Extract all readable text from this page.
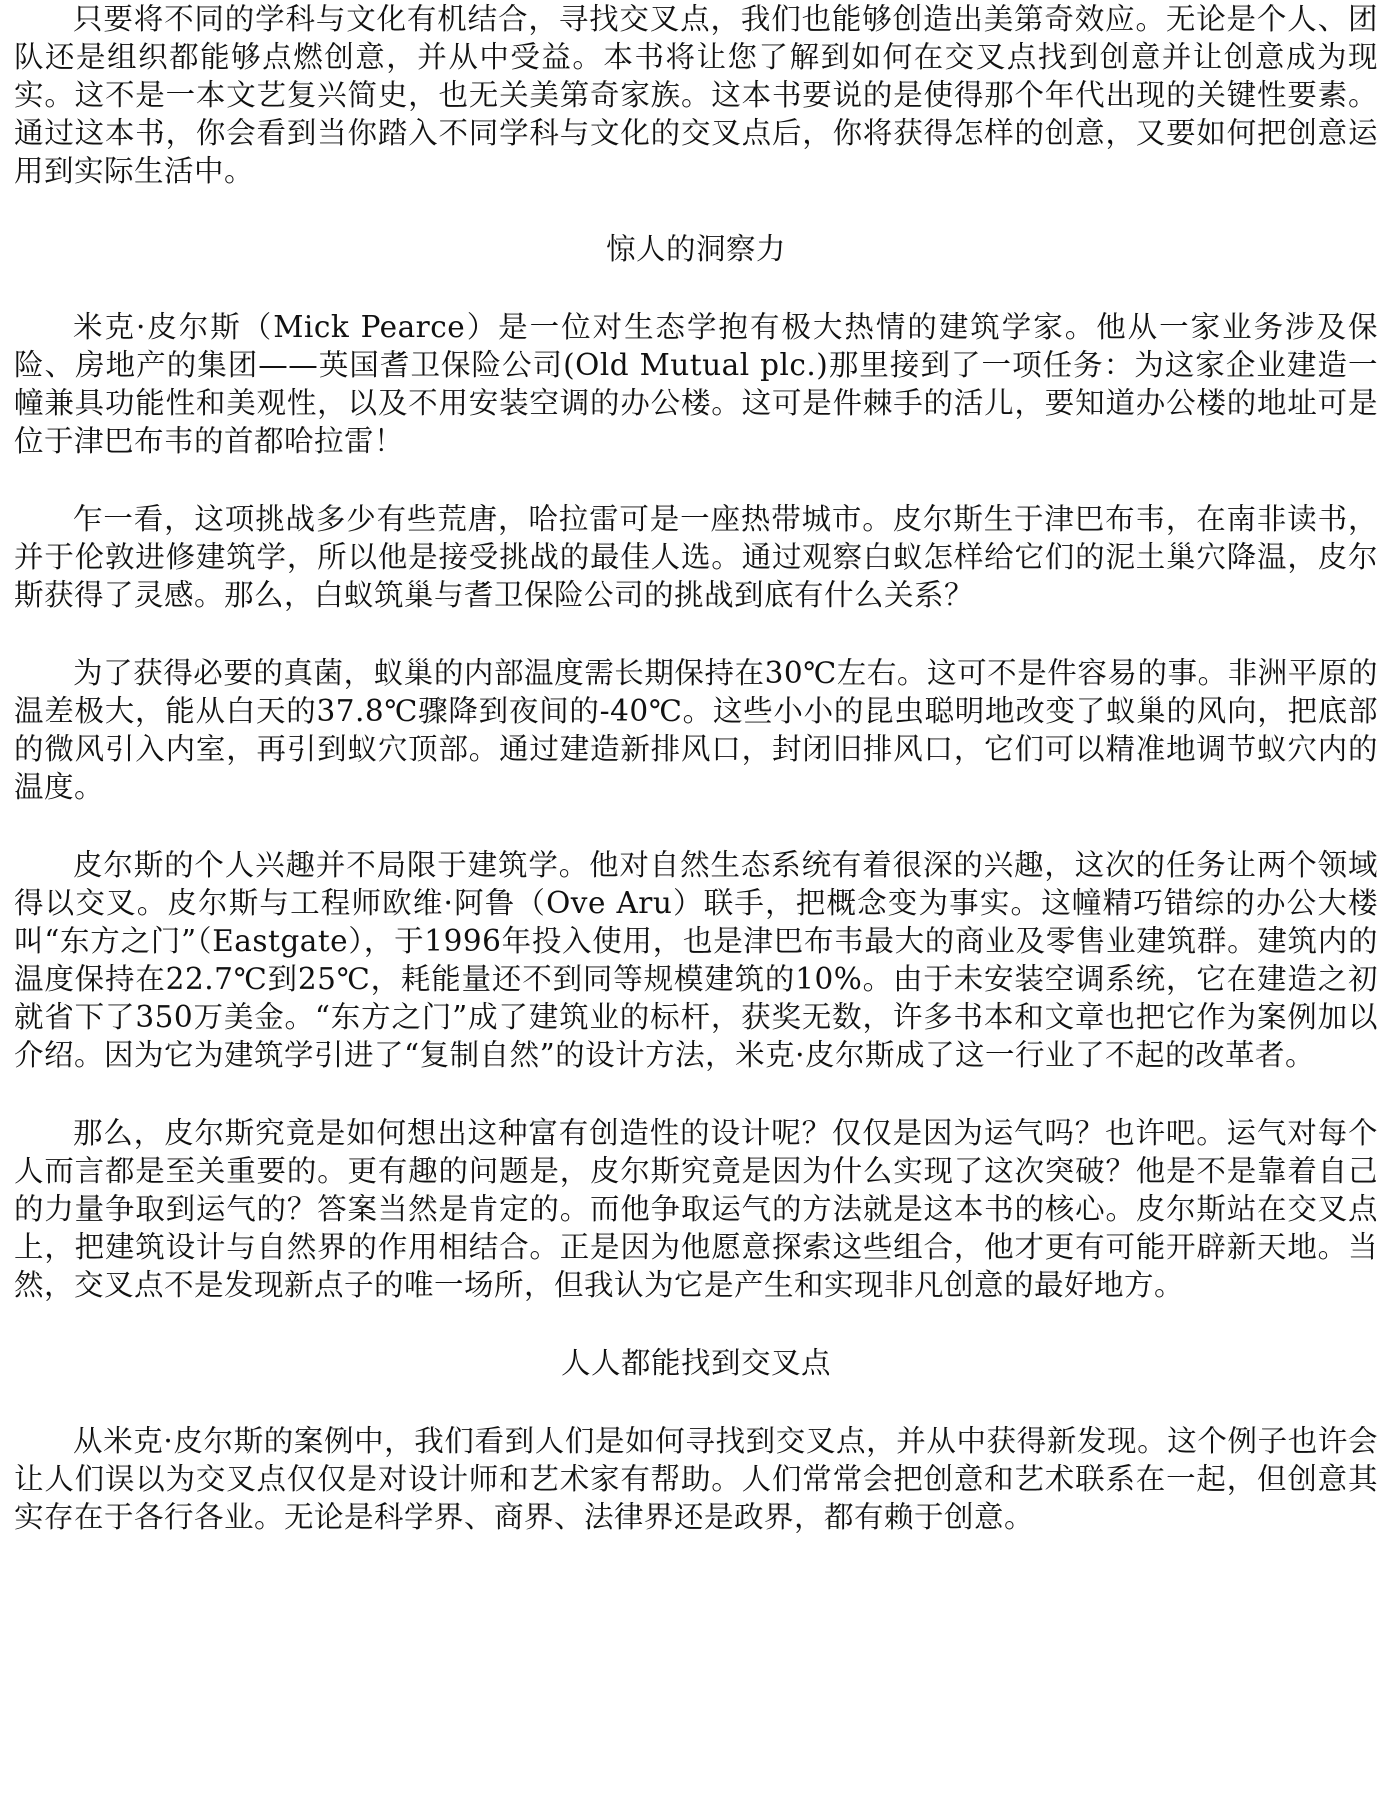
只要将不同的学科与文化有机结合，寻找交叉点，我们也能够创造出美第奇效应。无论是个人、团队还是组织都能够点燃创意，并从中受益。本书将让您了解到如何在交叉点找到创意并让创意成为现实。这不是一本文艺复兴简史，也无关美第奇家族。这本书要说的是使得那个年代出现的关键性要素。通过这本书，你会看到当你踏入不同学科与文化的交叉点后，你将获得怎样的创意，又要如何把创意运用到实际生活中。

惊人的洞察力

米克·皮尔斯（Mick Pearce）是一位对生态学抱有极大热情的建筑学家。他从一家业务涉及保险、房地产的集团——英国耆卫保险公司(Old Mutual plc.)那里接到了一项任务：为这家企业建造一幢兼具功能性和美观性，以及不用安装空调的办公楼。这可是件棘手的活儿，要知道办公楼的地址可是位于津巴布韦的首都哈拉雷！

乍一看，这项挑战多少有些荒唐，哈拉雷可是一座热带城市。皮尔斯生于津巴布韦，在南非读书，并于伦敦进修建筑学，所以他是接受挑战的最佳人选。通过观察白蚁怎样给它们的泥土巢穴降温，皮尔斯获得了灵感。那么，白蚁筑巢与耆卫保险公司的挑战到底有什么关系？

为了获得必要的真菌，蚁巢的内部温度需长期保持在30℃左右。这可不是件容易的事。非洲平原的温差极大，能从白天的37.8℃骤降到夜间的-40℃。这些小小的昆虫聪明地改变了蚁巢的风向，把底部的微风引入内室，再引到蚁穴顶部。通过建造新排风口，封闭旧排风口，它们可以精准地调节蚁穴内的温度。

皮尔斯的个人兴趣并不局限于建筑学。他对自然生态系统有着很深的兴趣，这次的任务让两个领域得以交叉。皮尔斯与工程师欧维·阿鲁（Ove Aru）联手，把概念变为事实。这幢精巧错综的办公大楼叫“东方之门”（Eastgate），于1996年投入使用，也是津巴布韦最大的商业及零售业建筑群。建筑内的温度保持在22.7℃到25℃，耗能量还不到同等规模建筑的10%。由于未安装空调系统，它在建造之初就省下了350万美金。“东方之门”成了建筑业的标杆，获奖无数，许多书本和文章也把它作为案例加以介绍。因为它为建筑学引进了“复制自然”的设计方法，米克·皮尔斯成了这一行业了不起的改革者。

那么，皮尔斯究竟是如何想出这种富有创造性的设计呢？仅仅是因为运气吗？也许吧。运气对每个人而言都是至关重要的。更有趣的问题是，皮尔斯究竟是因为什么实现了这次突破？他是不是靠着自己的力量争取到运气的？答案当然是肯定的。而他争取运气的方法就是这本书的核心。皮尔斯站在交叉点上，把建筑设计与自然界的作用相结合。正是因为他愿意探索这些组合，他才更有可能开辟新天地。当然，交叉点不是发现新点子的唯一场所，但我认为它是产生和实现非凡创意的最好地方。

人人都能找到交叉点

从米克·皮尔斯的案例中，我们看到人们是如何寻找到交叉点，并从中获得新发现。这个例子也许会让人们误以为交叉点仅仅是对设计师和艺术家有帮助。人们常常会把创意和艺术联系在一起，但创意其实存在于各行各业。无论是科学界、商界、法律界还是政界，都有赖于创意。
